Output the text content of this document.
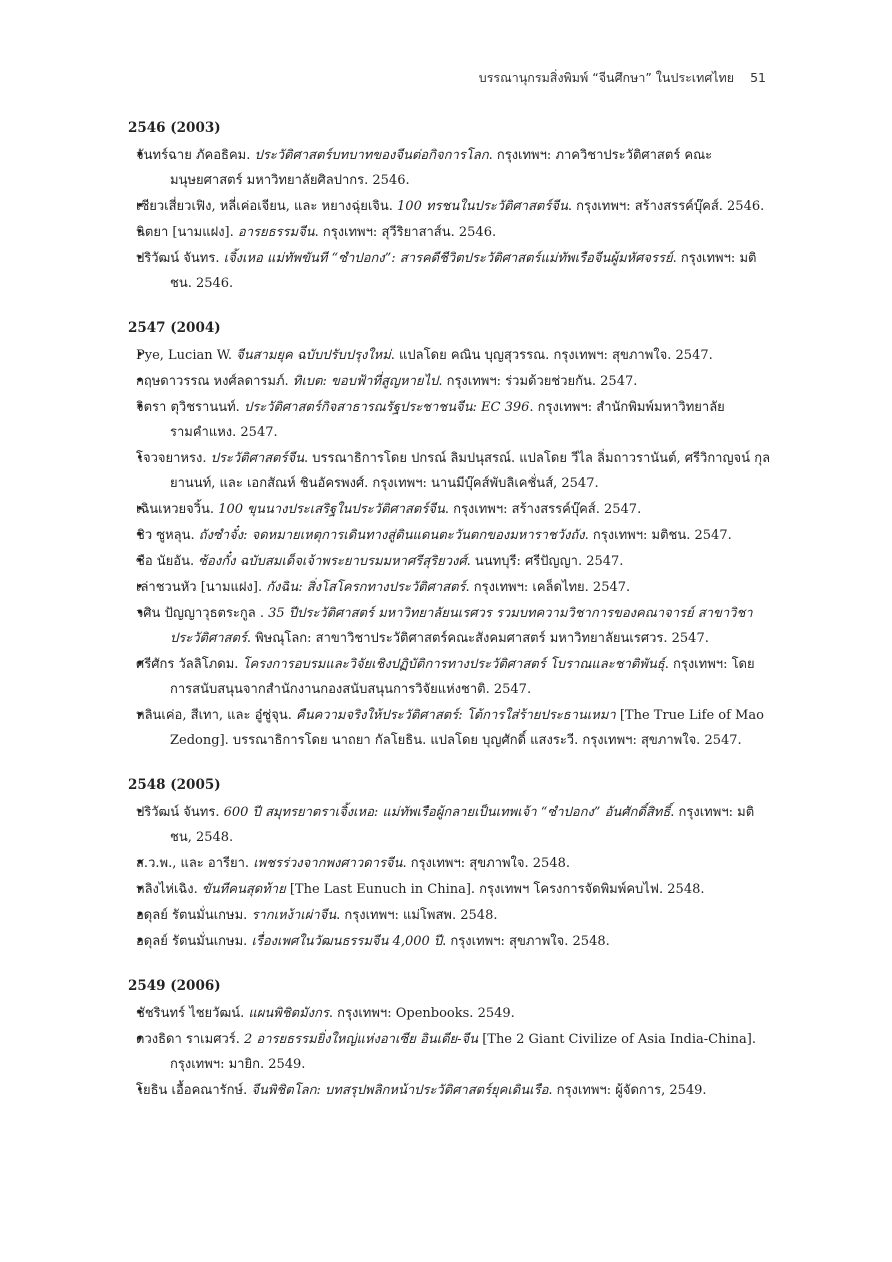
บรรณานุกรมสิ่งพิมพ์ “จีนศึกษา” ในประเทศไทย 51
2546 (2003)
• จันทร์ฉาย ภัคอธิคม. ประวัติศาสตร์บทบาทของจีนต่อกิจการโลก. กรุงเทพฯ: ภาควิชาประวัติศาสตร์ คณะมนุษยศาสตร์ มหาวิทยาลัยศิลปากร. 2546.
• เซียวเสี่ยวเฟิง, หลี่เค่อเจียน, และ หยางฉุ่ยเจิน. 100 ทรชนในประวัติศาสตร์จีน. กรุงเทพฯ: สร้างสรรค์บุ๊คส์. 2546.
• นิตยา [นามแฝง]. อารยธรรมจีน. กรุงเทพฯ: สุวีริยาสาส์น. 2546.
• ปริวัฒน์ จันทร. เจิ้งเหอ แม่ทัพขันที “ซำปอกง”: สารคดีชีวิตประวัติศาสตร์แม่ทัพเรือจีนผู้มหัศจรรย์. กรุงเทพฯ: มติชน. 2546.
2547 (2004)
• Pye, Lucian W. จีนสามยุค ฉบับปรับปรุงใหม่. แปลโดย คณิน บุญสุวรรณ. กรุงเทพฯ: สุขภาพใจ. 2547.
• กฤษดาวรรณ หงศ์ลดารมภ์. ทิเบต: ขอบฟ้าที่สูญหายไป. กรุงเทพฯ: ร่วมด้วยช่วยกัน. 2547.
• จิตรา ตุวิชรานนท์. ประวัติศาสตร์กิจสาธารณรัฐประชาชนจีน: EC 396. กรุงเทพฯ: สำนักพิมพ์มหาวิทยาลัยรามคำแหง. 2547.
• โจวจยาหรง. ประวัติศาสตร์จีน. บรรณาธิการโดย ปกรณ์ ลิมปนุสรณ์. แปลโดย วีไล ลิ่มถาวรานันต์, ศรีวิกาญจน์ กุลยานนท์, และ เอกสัณห์ ชินอัครพงศ์. กรุงเทพฯ: นานมีบุ๊คส์พับลิเคชั่นส์, 2547.
• เฉินเหวยจวิ้น. 100 ขุนนางประเสริฐในประวัติศาสตร์จีน. กรุงเทพฯ: สร้างสรรค์บุ๊คส์. 2547.
• ชิว ซูหลุน. ถังซำจั๋ง: จดหมายเหตุการเดินทางสู่ดินแดนตะวันตกของมหาราชวังถัง. กรุงเทพฯ: มติชน. 2547.
• ซือ นัยอัน. ซ้องกั๋ง ฉบับสมเด็จเจ้าพระยาบรมมหาศรีสุริยวงศ์. นนทบุรี: ศรีปัญญา. 2547.
• เล่าชวนหัว [นามแฝง]. กังฉิน: สิ่งโสโครกทางประวัติศาสตร์. กรุงเทพฯ: เคล็ดไทย. 2547.
• วศิน ปัญญาวุธตระกูล . 35 ปีประวัติศาสตร์ มหาวิทยาลัยนเรศวร รวมบทความวิชาการของคณาจารย์ สาขาวิชาประวัติศาสตร์. พิษณุโลก: สาขาวิชาประวัติศาสตร์คณะสังคมศาสตร์ มหาวิทยาลัยนเรศวร. 2547.
• ศรีศักร วัลลิโภดม. โครงการอบรมและวิจัยเชิงปฏิบัติการทางประวัติศาสตร์ โบราณและชาติพันธุ์. กรุงเทพฯ: โดยการสนับสนุนจากสำนักงานกองสนับสนุนการวิจัยแห่งชาติ. 2547.
• หลินเค่อ, สีเทา, และ อู๋ซู่จุน. คืนความจริงให้ประวัติศาสตร์: โต้การใส่ร้ายประธานเหมา [The True Life of Mao Zedong]. บรรณาธิการโดย นาถยา กัลโยธิน. แปลโดย บุญศักดิ์ แสงระวี. กรุงเทพฯ: สุขภาพใจ. 2547.
2548 (2005)
• ปริวัฒน์ จันทร. 600 ปี สมุทรยาตราเจิ้งเหอ: แม่ทัพเรือผู้กลายเป็นเทพเจ้า “ซำปอกง” อันศักดิ์สิทธิ์. กรุงเทพฯ: มติชน, 2548.
• ส.ว.พ., และ อารียา. เพชรร่วงจากพงศาวดารจีน. กรุงเทพฯ: สุขภาพใจ. 2548.
• หลิงไห่เฉิง. ขันทีคนสุดท้าย [The Last Eunuch in China]. กรุงเทพฯ โครงการจัดพิมพ์คบไฟ. 2548.
• อดุลย์ รัตนมั่นเกษม. รากเหง้าเผ่าจีน. กรุงเทพฯ: แม่โพสพ. 2548.
• อดุลย์ รัตนมั่นเกษม. เรื่องเพศในวัฒนธรรมจีน 4,000 ปี. กรุงเทพฯ: สุขภาพใจ. 2548.
2549 (2006)
• ชัชรินทร์ ไชยวัฒน์. แผนพิชิตมังกร. กรุงเทพฯ: Openbooks. 2549.
• ดวงธิดา ราเมศวร์. 2 อารยธรรมยิ่งใหญ่แห่งอาเซีย อินเดีย-จีน [The 2 Giant Civilize of Asia India-China]. กรุงเทพฯ: มายิก. 2549.
• โยธิน เอื้อคณารักษ์. จีนพิชิตโลก: บทสรุปพลิกหน้าประวัติศาสตร์ยุคเดินเรือ. กรุงเทพฯ: ผู้จัดการ, 2549.
